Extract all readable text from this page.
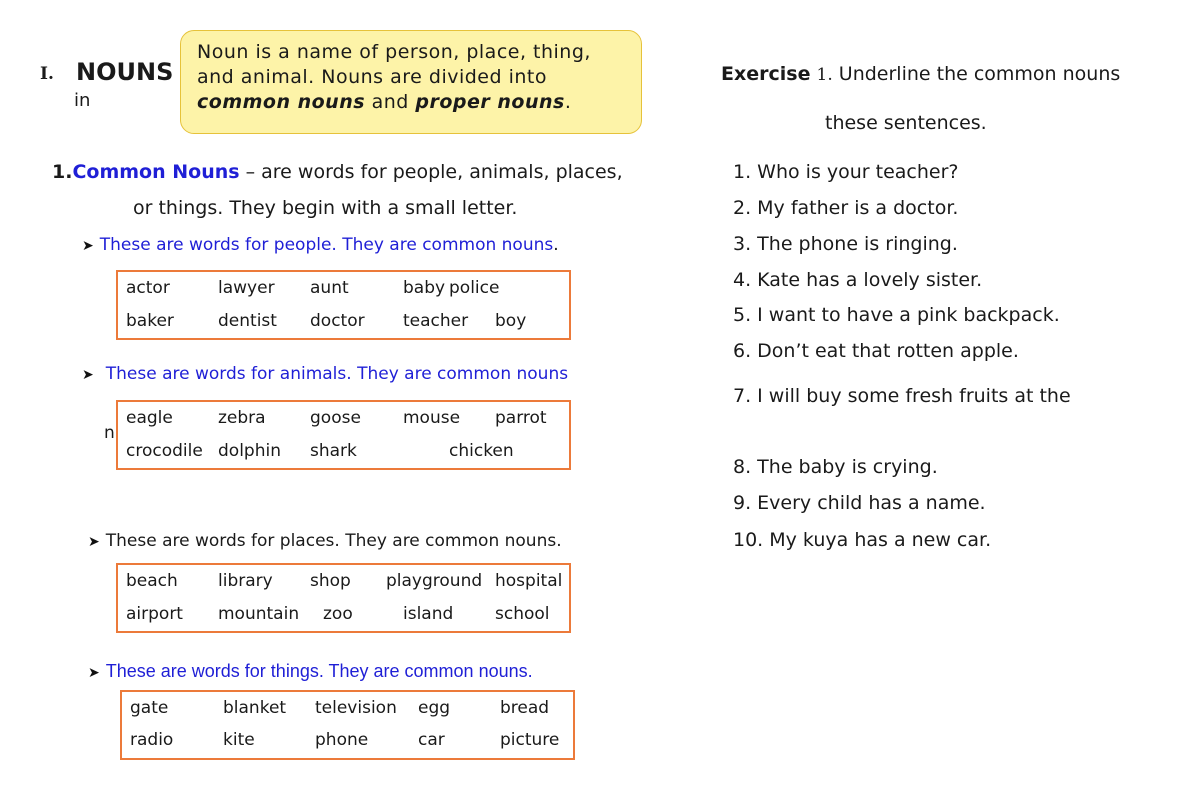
I. NOUNS
in
Noun is a name of person, place, thing,
and animal. Nouns are divided into
common nouns and proper nouns.
1.Common Nouns – are words for people, animals, places,
or things. They begin with a small letter.
➤ These are words for people. They are common nouns.
actor	lawyer aunt	baby police
baker	dentist doctor teacher boy
➤ These are words for animals. They are common nouns
n
eagle	zebra	goose mouse parrot
crocodile dolphin shark	chicken
➤ These are words for places. They are common nouns.
beach library shop playground hospital
airport mountain zoo	island school
➤ These are words for things. They are common nouns.
gate	blanket television egg	bread
radio	kite	phone	car	picture
Exercise 1. Underline the common nouns
these sentences.
1. Who is your teacher?
2. My father is a doctor.
3. The phone is ringing.
4. Kate has a lovely sister.
5. I want to have a pink backpack.
6. Don’t eat that rotten apple.
7. I will buy some fresh fruits at the
8. The baby is crying.
9. Every child has a name.
10. My kuya has a new car.
